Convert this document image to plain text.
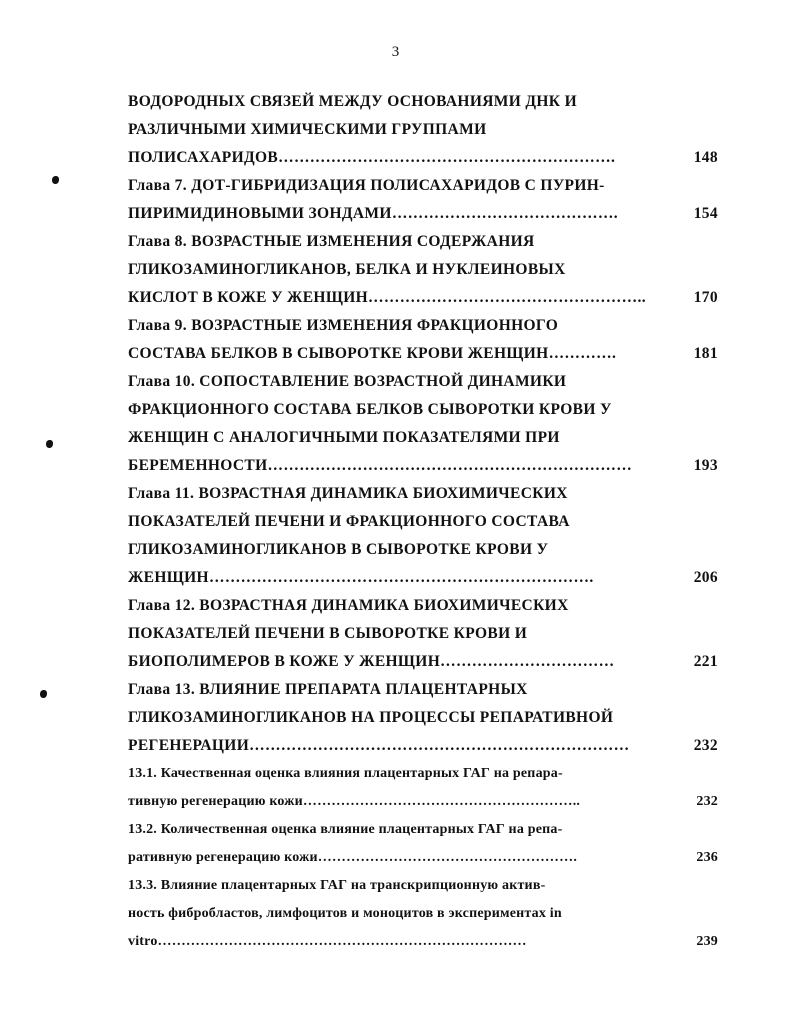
3
ВОДОРОДНЫХ СВЯЗЕЙ МЕЖДУ ОСНОВАНИЯМИ ДНК И
РАЗЛИЧНЫМИ ХИМИЧЕСКИМИ ГРУППАМИ
ПОЛИСАХАРИДОВ ……………………………………………………….	148
Глава 7. ДОТ-ГИБРИДИЗАЦИЯ ПОЛИСАХАРИДОВ С ПУРИН-
ПИРИМИДИНОВЫМИ ЗОНДАМИ …………………………………….	154
Глава 8. ВОЗРАСТНЫЕ ИЗМЕНЕНИЯ СОДЕРЖАНИЯ
ГЛИКОЗАМИНОГЛИКАНОВ, БЕЛКА И НУКЛЕИНОВЫХ
КИСЛОТ В КОЖЕ У ЖЕНЩИН ……………………………………………..	170
Глава 9. ВОЗРАСТНЫЕ ИЗМЕНЕНИЯ ФРАКЦИОННОГО
СОСТАВА БЕЛКОВ В СЫВОРОТКЕ КРОВИ ЖЕНЩИН ………….	181
Глава 10. СОПОСТАВЛЕНИЕ ВОЗРАСТНОЙ ДИНАМИКИ
ФРАКЦИОННОГО СОСТАВА БЕЛКОВ СЫВОРОТКИ КРОВИ У
ЖЕНЩИН С АНАЛОГИЧНЫМИ ПОКАЗАТЕЛЯМИ ПРИ
БЕРЕМЕННОСТИ ……………………………………………………………	193
Глава 11. ВОЗРАСТНАЯ ДИНАМИКА БИОХИМИЧЕСКИХ
ПОКАЗАТЕЛЕЙ ПЕЧЕНИ И ФРАКЦИОННОГО СОСТАВА
ГЛИКОЗАМИНОГЛИКАНОВ В СЫВОРОТКЕ КРОВИ У
ЖЕНЩИН ……………………………………………………………….	206
Глава 12. ВОЗРАСТНАЯ ДИНАМИКА БИОХИМИЧЕСКИХ
ПОКАЗАТЕЛЕЙ ПЕЧЕНИ В СЫВОРОТКЕ КРОВИ И
БИОПОЛИМЕРОВ В КОЖЕ У ЖЕНЩИН ……………………………	221
Глава 13. ВЛИЯНИЕ ПРЕПАРАТА ПЛАЦЕНТАРНЫХ
ГЛИКОЗАМИНОГЛИКАНОВ НА ПРОЦЕССЫ РЕПАРАТИВНОЙ
РЕГЕНЕРАЦИИ ………………………………………………………………	232
13.1. Качественная оценка влияния плацентарных ГАГ на репара-
тивную регенерацию кожи …………………………………………………..	232
13.2. Количественная оценка влияние плацентарных ГАГ на репа-
ративную регенерацию кожи ……………………………………………….	236
13.3. Влияние плацентарных ГАГ на транскрипционную актив-
ность фибробластов, лимфоцитов и моноцитов в экспериментах in
vitro ……………………………………………………………………	239
